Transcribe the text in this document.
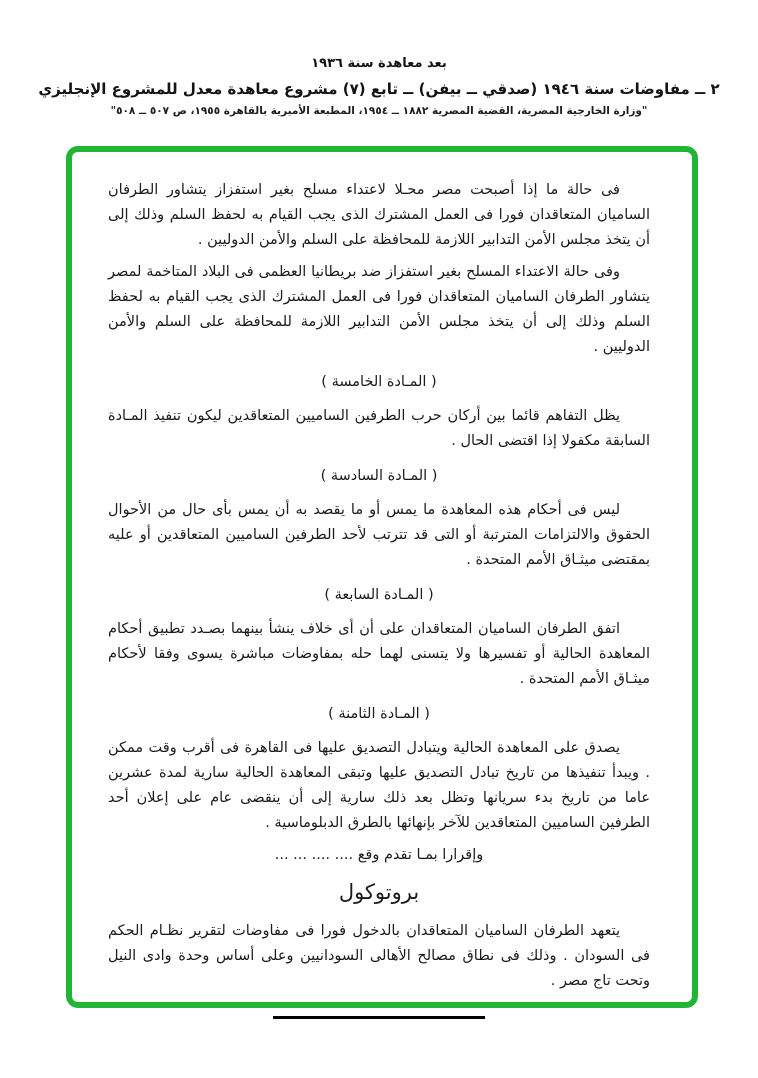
بعد معاهدة سنة ١٩٣٦
٢ ــ مفاوضات سنة ١٩٤٦ (صدقي ــ بيفن) ــ تابع (٧) مشروع معاهدة معدل للمشروع الإنجليزي
"وزارة الخارجية المصرية، القضية المصرية ١٨٨٢ ــ ١٩٥٤، المطبعة الأميرية بالقاهرة ١٩٥٥، ص ٥٠٧ ــ ٥٠٨"

فى حالة ما إذا أصبحت مصر محـلا لاعتداء مسلح بغير استفزاز يتشاور الطرفان الساميان المتعاقدان فورا فى العمل المشترك الذى يجب القيام به لحفظ السلم وذلك إلى أن يتخذ مجلس الأمن التدابير اللازمة للمحافظة على السلم والأمن الدوليين .

وفى حالة الاعتداء المسلح بغير استفزاز ضد بريطانيا العظمى فى البلاد المتاخمة لمصر يتشاور الطرفان الساميان المتعاقدان فورا فى العمل المشترك الذى يجب القيام به لحفظ السلم وذلك إلى أن يتخذ مجلس الأمن التدابير اللازمة للمحافظة على السلم والأمن الدوليين .

( المـادة الخامسة )

يظل التفاهم قائما بين أركان حرب الطرفين الساميين المتعاقدين ليكون تنفيذ المـادة السابقة مكفولا إذا اقتضى الحال .

( المـادة السادسة )

ليس فى أحكام هذه المعاهدة ما يمس أو ما يقصد به أن يمس بأى حال من الأحوال الحقوق والالتزامات المترتبة أو التى قد تترتب لأحد الطرفين الساميين المتعاقدين أو عليه بمقتضى ميثـاق الأمم المتحدة .

( المـادة السابعة )

اتفق الطرفان الساميان المتعاقدان على أن أى خلاف ينشأ بينهما بصـدد تطبيق أحكام المعاهدة الحالية أو تفسيرها ولا يتسنى لهما حله بمفاوضات مباشرة يسوى وفقا لأحكام ميثـاق الأمم المتحدة .

( المـادة الثامنة )

يصدق على المعاهدة الحالية ويتبادل التصديق عليها فى القاهرة فى أقرب وقت ممكن . ويبدأ تنفيذها من تاريخ تبادل التصديق عليها وتبقى المعاهدة الحالية سارية لمدة عشرين عاما من تاريخ بدء سريانها وتظل بعد ذلك سارية إلى أن ينقضى عام على إعلان أحد الطرفين الساميين المتعاقدين للآخر بإنهائها بالطرق الدبلوماسية .

وإقرارا بمـا تقدم وقع .... .... ... ...

بروتوكول

يتعهد الطرفان الساميان المتعاقدان بالدخول فورا فى مفاوضات لتقرير نظـام الحكم فى السودان . وذلك فى نطاق مصالح الأهالى السودانيين وعلى أساس وحدة وادى النيل وتحت تاج مصر .
